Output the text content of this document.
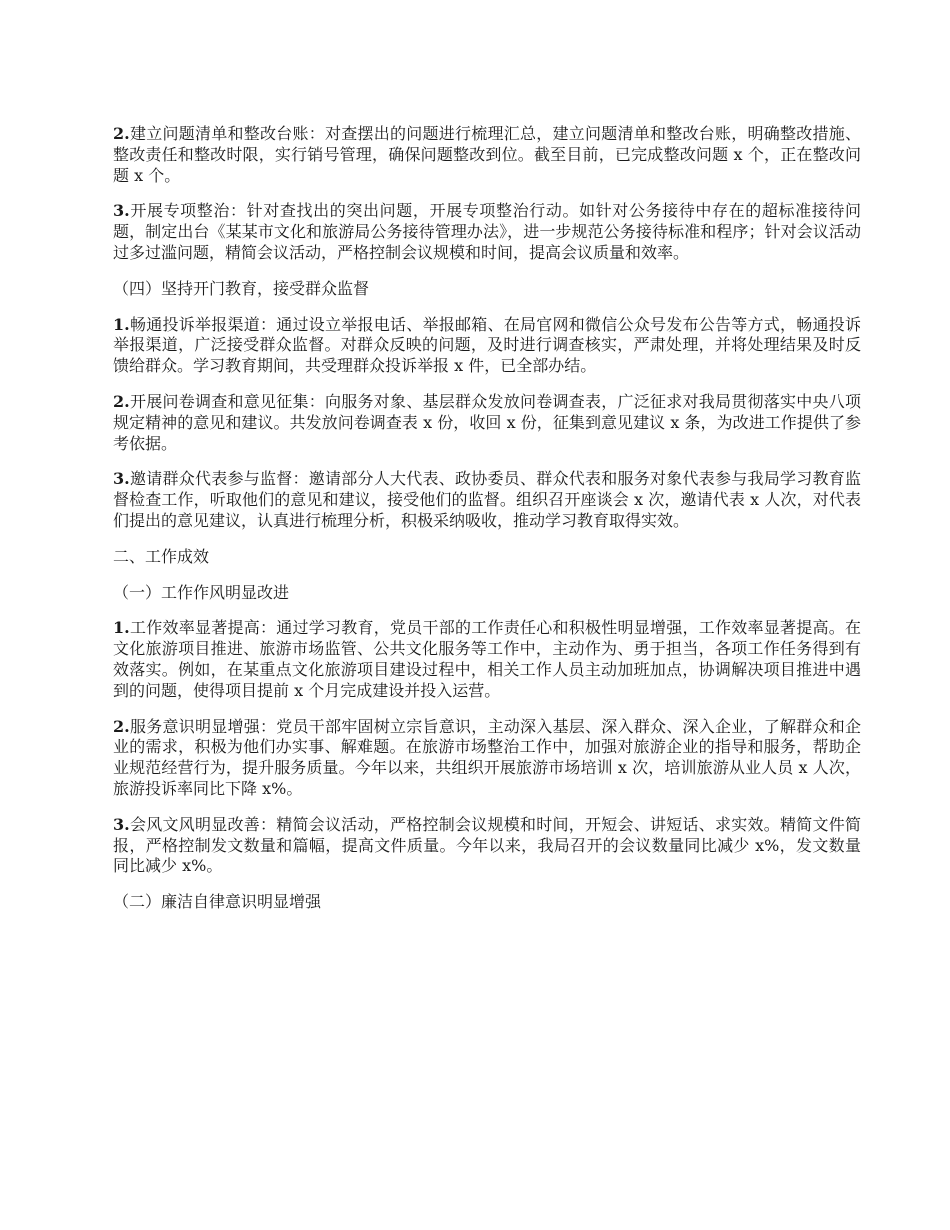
2.建立问题清单和整改台账：对查摆出的问题进行梳理汇总，建立问题清单和整改台账，明确整改措施、整改责任和整改时限，实行销号管理，确保问题整改到位。截至目前，已完成整改问题 x 个，正在整改问题 x 个。

3.开展专项整治：针对查找出的突出问题，开展专项整治行动。如针对公务接待中存在的超标准接待问题，制定出台《某某市文化和旅游局公务接待管理办法》，进一步规范公务接待标准和程序；针对会议活动过多过滥问题，精简会议活动，严格控制会议规模和时间，提高会议质量和效率。

（四）坚持开门教育，接受群众监督

1.畅通投诉举报渠道：通过设立举报电话、举报邮箱、在局官网和微信公众号发布公告等方式，畅通投诉举报渠道，广泛接受群众监督。对群众反映的问题，及时进行调查核实，严肃处理，并将处理结果及时反馈给群众。学习教育期间，共受理群众投诉举报 x 件，已全部办结。

2.开展问卷调查和意见征集：向服务对象、基层群众发放问卷调查表，广泛征求对我局贯彻落实中央八项规定精神的意见和建议。共发放问卷调查表 x 份，收回 x 份，征集到意见建议 x 条，为改进工作提供了参考依据。

3.邀请群众代表参与监督：邀请部分人大代表、政协委员、群众代表和服务对象代表参与我局学习教育监督检查工作，听取他们的意见和建议，接受他们的监督。组织召开座谈会 x 次，邀请代表 x 人次，对代表们提出的意见建议，认真进行梳理分析，积极采纳吸收，推动学习教育取得实效。

二、工作成效

（一）工作作风明显改进

1.工作效率显著提高：通过学习教育，党员干部的工作责任心和积极性明显增强，工作效率显著提高。在文化旅游项目推进、旅游市场监管、公共文化服务等工作中，主动作为、勇于担当，各项工作任务得到有效落实。例如，在某重点文化旅游项目建设过程中，相关工作人员主动加班加点，协调解决项目推进中遇到的问题，使得项目提前 x 个月完成建设并投入运营。

2.服务意识明显增强：党员干部牢固树立宗旨意识，主动深入基层、深入群众、深入企业，了解群众和企业的需求，积极为他们办实事、解难题。在旅游市场整治工作中，加强对旅游企业的指导和服务，帮助企业规范经营行为，提升服务质量。今年以来，共组织开展旅游市场培训 x 次，培训旅游从业人员 x 人次，旅游投诉率同比下降 x%。

3.会风文风明显改善：精简会议活动，严格控制会议规模和时间，开短会、讲短话、求实效。精简文件简报，严格控制发文数量和篇幅，提高文件质量。今年以来，我局召开的会议数量同比减少 x%，发文数量同比减少 x%。

（二）廉洁自律意识明显增强
